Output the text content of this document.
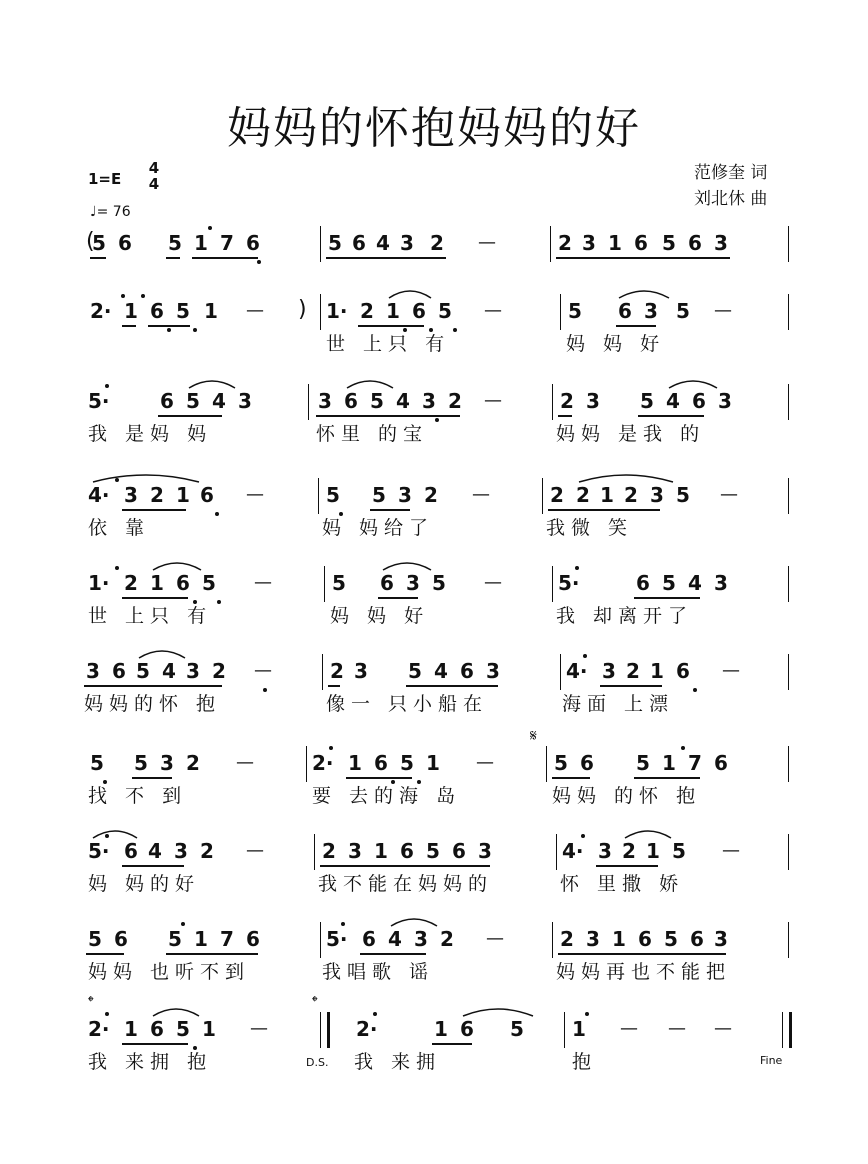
妈妈的怀抱妈妈的好
1=E
4
4
♩= 76
范修奎 词
刘北休 曲
(
5 6 5 1 7 6	5 6 4 3 2 —	2 3 1 6 5 6 3
2· 1 6 5 1 — ) 1· 2 1 6 5 —	5 6 3 5 —
世 上只 有	妈 妈 好
5·	6 5 4 3	3 6 5 4 3 2 —	2 3 5 4 6 3
我 是妈 妈	怀里 的宝	妈妈 是我 的
4· 3 2 1 6 —	5 5 3 2 —	2 2 1 2 3 5 —
依 靠	妈 妈给了	我微 笑
1· 2 1 6 5 —	5 6 3 5 —	5·	6 5 4 3
世 上只 有	妈 妈 好	我 却离开了
3 6 5 4 3 2 —	2 3 5 4 6 3	4· 3 2 1 6 —
妈妈的怀 抱	像一 只小船在	海面 上漂
5 5 3 2 —	2· 1 6 5 1 —	5 6 5 1 7 6
找 不 到	要 去的海 岛	妈妈 的怀 抱
5· 6 4 3 2 —	2 3 1 6 5 6 3	4· 3 2 1 5 —
妈 妈的好	我不能在妈妈的	怀 里撒 娇
5 6 5 1 7 6	5· 6 4 3 2 —	2 3 1 6 5 6 3
妈妈 也听不到	我唱歌 谣	妈妈再也不能把
2· 1 6 5 1 —	2·	1 6 5 1 — — —
我 来拥 抱	我 来拥	抱
𝄋
𝄌	𝄌
D.S.	Fine
